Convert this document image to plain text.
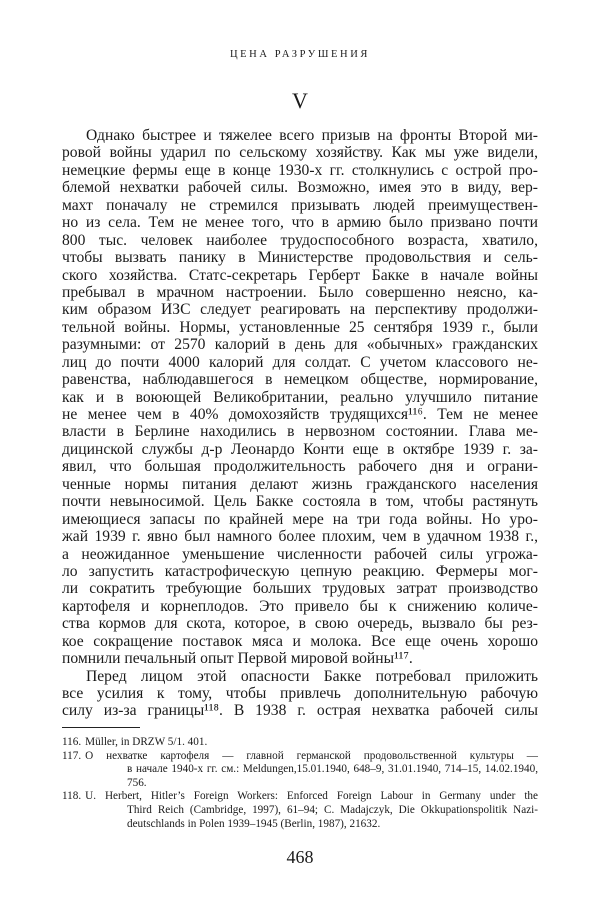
ЦЕНА РАЗРУШЕНИЯ
V
Однако быстрее и тяжелее всего призыв на фронты Второй ми-
ровой войны ударил по сельскому хозяйству. Как мы уже видели,
немецкие фермы еще в конце 1930-х гг. столкнулись с острой про-
блемой нехватки рабочей силы. Возможно, имея это в виду, вер-
махт поначалу не стремился призывать людей преимуществен-
но из села. Тем не менее того, что в армию было призвано почти
800 тыс. человек наиболее трудоспособного возраста, хватило,
чтобы вызвать панику в Министерстве продовольствия и сель-
ского хозяйства. Статс-секретарь Герберт Бакке в начале войны
пребывал в мрачном настроении. Было совершенно неясно, ка-
ким образом ИЗС следует реагировать на перспективу продолжи-
тельной войны. Нормы, установленные 25 сентября 1939 г., были
разумными: от 2570 калорий в день для «обычных» гражданских
лиц до почти 4000 калорий для солдат. С учетом классового не-
равенства, наблюдавшегося в немецком обществе, нормирование,
как и в воюющей Великобритании, реально улучшило питание
не менее чем в 40% домохозяйств трудящихся¹¹⁶. Тем не менее
власти в Берлине находились в нервозном состоянии. Глава ме-
дицинской службы д-р Леонардо Конти еще в октябре 1939 г. за-
явил, что большая продолжительность рабочего дня и ограни-
ченные нормы питания делают жизнь гражданского населения
почти невыносимой. Цель Бакке состояла в том, чтобы растянуть
имеющиеся запасы по крайней мере на три года войны. Но уро-
жай 1939 г. явно был намного более плохим, чем в удачном 1938 г.,
а неожиданное уменьшение численности рабочей силы угрожа-
ло запустить катастрофическую цепную реакцию. Фермеры мог-
ли сократить требующие больших трудовых затрат производство
картофеля и корнеплодов. Это привело бы к снижению количе-
ства кормов для скота, которое, в свою очередь, вызвало бы рез-
кое сокращение поставок мяса и молока. Все еще очень хорошо
помнили печальный опыт Первой мировой войны¹¹⁷.
Перед лицом этой опасности Бакке потребовал приложить
все усилия к тому, чтобы привлечь дополнительную рабочую
силу из-за границы¹¹⁸. В 1938 г. острая нехватка рабочей силы
116. Müller, in DRZW 5/1. 401.
117. О нехватке картофеля — главной германской продовольственной культуры —
в начале 1940-х гг. см.: Meldungen,15.01.1940, 648–9, 31.01.1940, 714–15, 14.02.1940,
756.
118. U. Herbert, Hitler’s Foreign Workers: Enforced Foreign Labour in Germany under the
Third Reich (Cambridge, 1997), 61–94; C. Madajczyk, Die Okkupationspolitik Nazi-
deutschlands in Polen 1939–1945 (Berlin, 1987), 21632.
468
